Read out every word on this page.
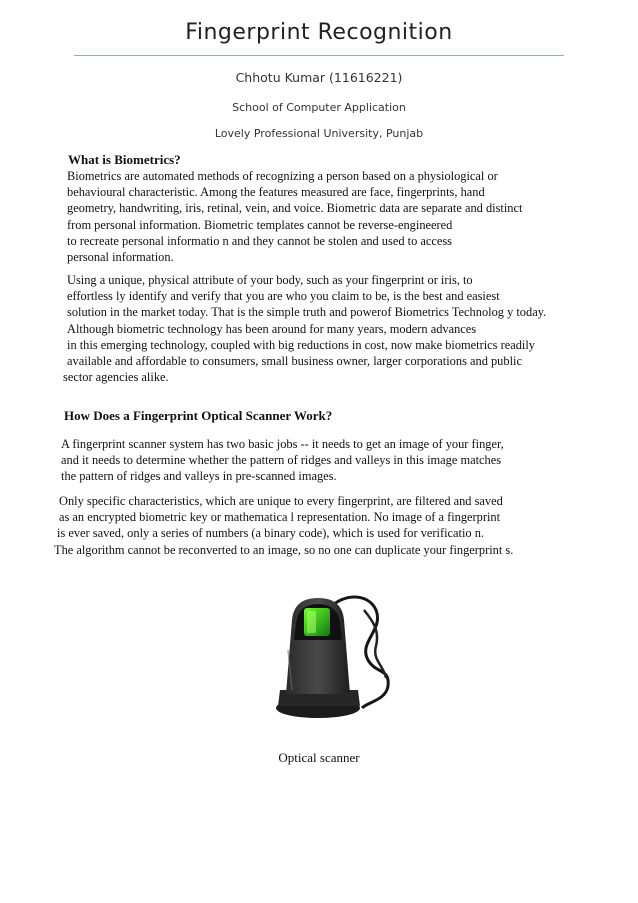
Fingerprint Recognition
Chhotu Kumar (11616221)
School of Computer Application
Lovely Professional University, Punjab
What is Biometrics?
Biometrics are automated methods of recognizing a person based on a physiological or
behavioural characteristic. Among the features measured are face, fingerprints, hand
geometry, handwriting, iris, retinal, vein, and voice. Biometric data are separate and distinct
from personal information. Biometric templates cannot be reverse-engineered
to recreate personal informatio n and they cannot be stolen and used to access
personal information.
Using a unique, physical attribute of your body, such as your fingerprint or iris, to
effortless ly identify and verify that you are who you claim to be, is the best and easiest
solution in the market today. That is the simple truth and powerof Biometrics Technolog y today.
Although biometric technology has been around for many years, modern advances
in this emerging technology, coupled with big reductions in cost, now make biometrics readily
available and affordable to consumers, small business owner, larger corporations and public
sector agencies alike.
How Does a Fingerprint Optical Scanner Work?
A fingerprint scanner system has two basic jobs -- it needs to get an image of your finger,
and it needs to determine whether the pattern of ridges and valleys in this image matches
the pattern of ridges and valleys in pre-scanned images.
Only specific characteristics, which are unique to every fingerprint, are filtered and saved
as an encrypted biometric key or mathematica l representation. No image of a fingerprint
is ever saved, only a series of numbers (a binary code), which is used for verificatio n.
The algorithm cannot be reconverted to an image, so no one can duplicate your fingerprint s.
Optical scanner
